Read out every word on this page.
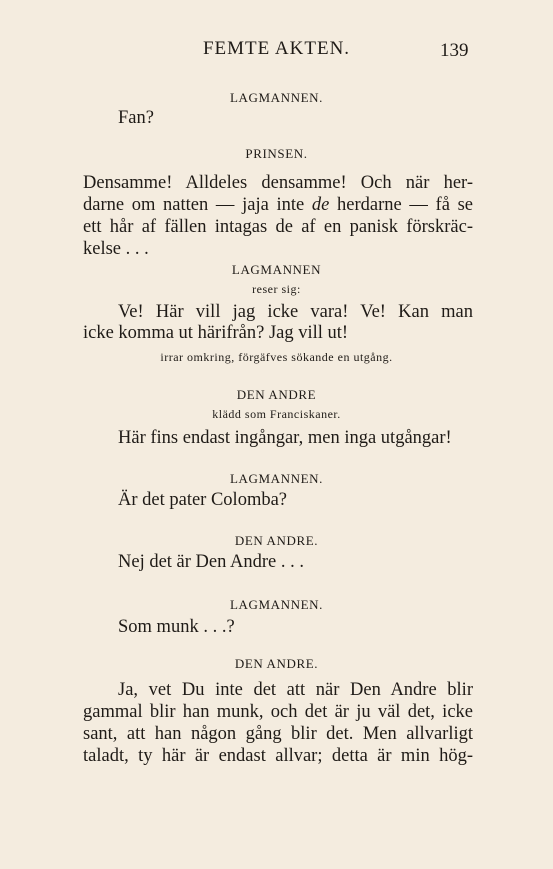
FEMTE AKTEN.	139
LAGMANNEN.
Fan?
PRINSEN.
Densamme! Alldeles densamme! Och när her-
darne om natten — jaja inte de herdarne — få se
ett hår af fällen intagas de af en panisk förskräc-
kelse . . .
LAGMANNEN
reser sig:
Ve! Här vill jag icke vara! Ve! Kan man
icke komma ut härifrån? Jag vill ut!
irrar omkring, förgäfves sökande en utgång.
DEN ANDRE
klädd som Franciskaner.
Här fins endast ingångar, men inga utgångar!
LAGMANNEN.
Är det pater Colomba?
DEN ANDRE.
Nej det är Den Andre . . .
LAGMANNEN.
Som munk . . .?
DEN ANDRE.
Ja, vet Du inte det att när Den Andre blir
gammal blir han munk, och det är ju väl det, icke
sant, att han någon gång blir det. Men allvarligt
taladt, ty här är endast allvar; detta är min hög-
